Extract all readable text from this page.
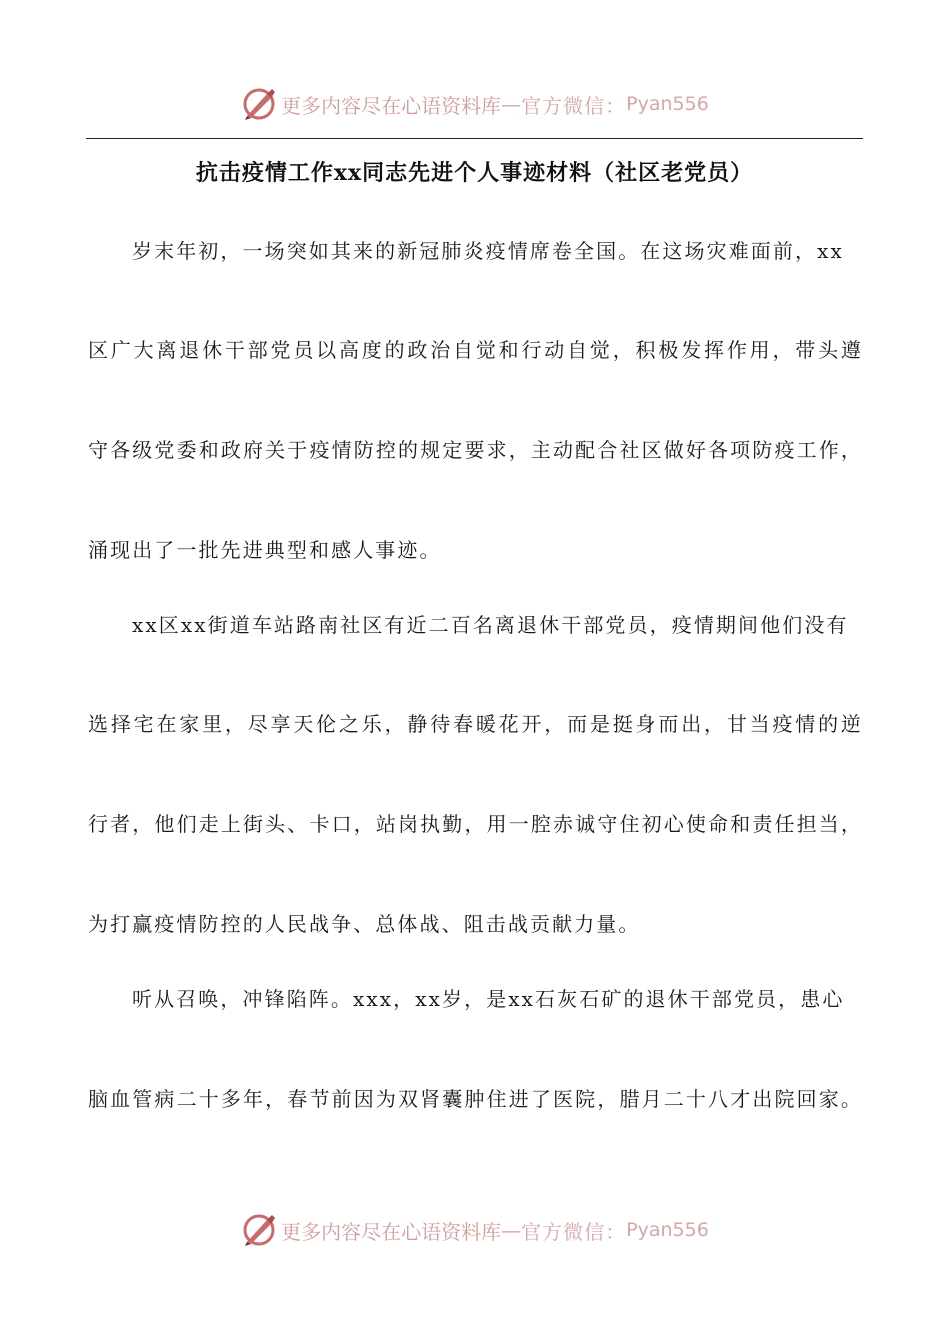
更多内容尽在心语资料库 — 官方微信： Pyan556
抗击疫情工作xx同志先进个人事迹材料（社区老党员）
岁末年初，一场突如其来的新冠肺炎疫情席卷全国。在这场灾难面前，xx
区广大离退休干部党员以高度的政治自觉和行动自觉，积极发挥作用，带头遵
守各级党委和政府关于疫情防控的规定要求，主动配合社区做好各项防疫工作，
涌现出了一批先进典型和感人事迹。
xx区xx街道车站路南社区有近二百名离退休干部党员，疫情期间他们没有
选择宅在家里，尽享天伦之乐，静待春暖花开，而是挺身而出，甘当疫情的逆
行者，他们走上街头、卡口，站岗执勤，用一腔赤诚守住初心使命和责任担当，
为打赢疫情防控的人民战争、总体战、阻击战贡献力量。
听从召唤，冲锋陷阵。xxx，xx岁，是xx石灰石矿的退休干部党员，患心
脑血管病二十多年，春节前因为双肾囊肿住进了医院，腊月二十八才出院回家。
更多内容尽在心语资料库 — 官方微信： Pyan556
